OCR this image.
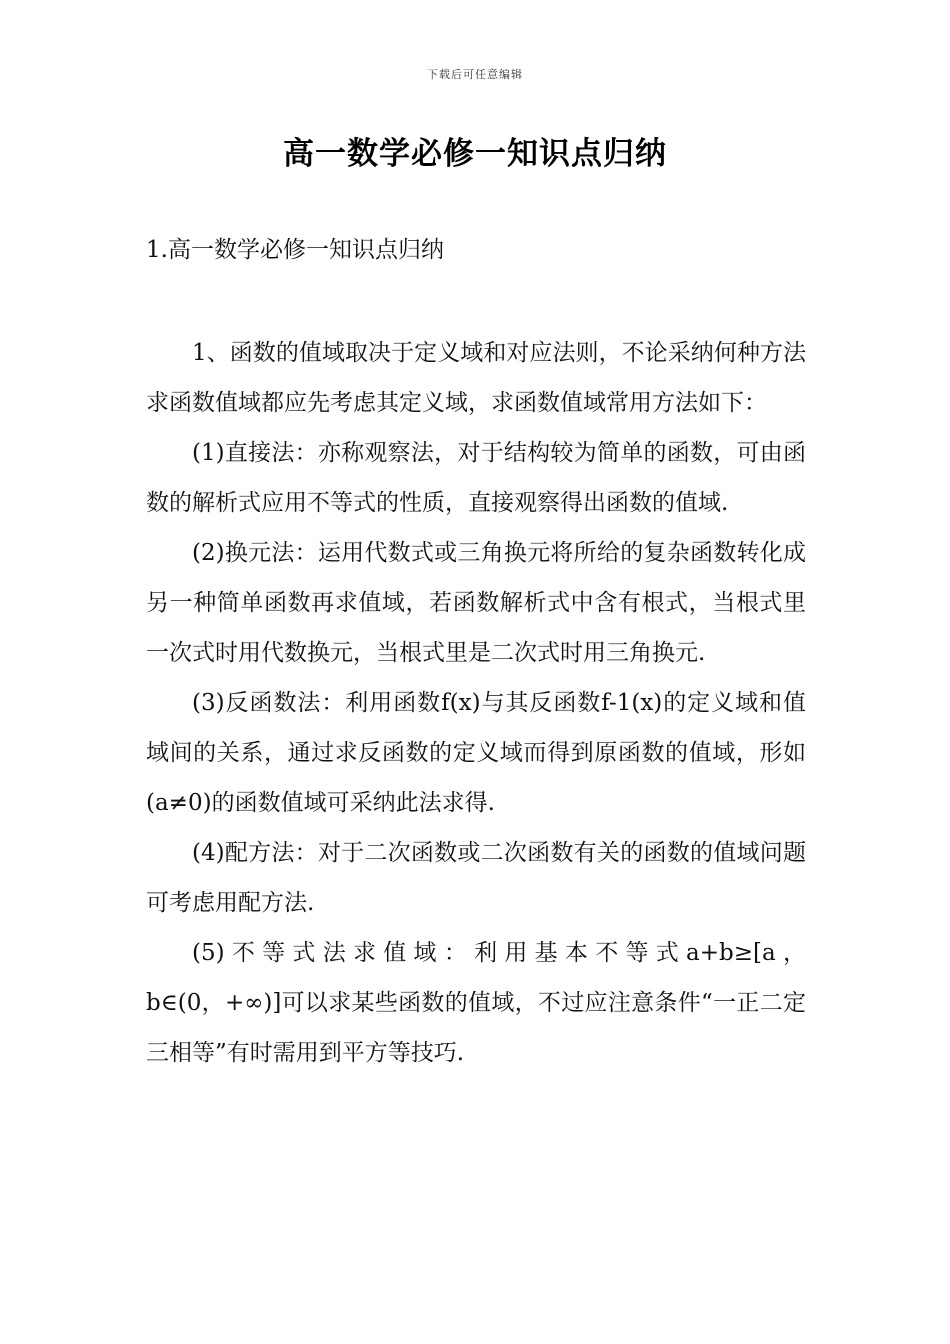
下载后可任意编辑
高一数学必修一知识点归纳
1.高一数学必修一知识点归纳

1、函数的值域取决于定义域和对应法则，不论采纳何种方法求函数值域都应先考虑其定义域，求函数值域常用方法如下：

(1)直接法：亦称观察法，对于结构较为简单的函数，可由函数的解析式应用不等式的性质，直接观察得出函数的值域.

(2)换元法：运用代数式或三角换元将所给的复杂函数转化成另一种简单函数再求值域，若函数解析式中含有根式，当根式里一次式时用代数换元，当根式里是二次式时用三角换元.

(3)反函数法：利用函数f(x)与其反函数f-1(x)的定义域和值域间的关系，通过求反函数的定义域而得到原函数的值域，形如(a≠0)的函数值域可采纳此法求得.

(4)配方法：对于二次函数或二次函数有关的函数的值域问题可考虑用配方法.

(5)不等式法求值域：利用基本不等式a+b≥[a，b∈(0，+∞)]可以求某些函数的值域，不过应注意条件“一正二定三相等”有时需用到平方等技巧.
